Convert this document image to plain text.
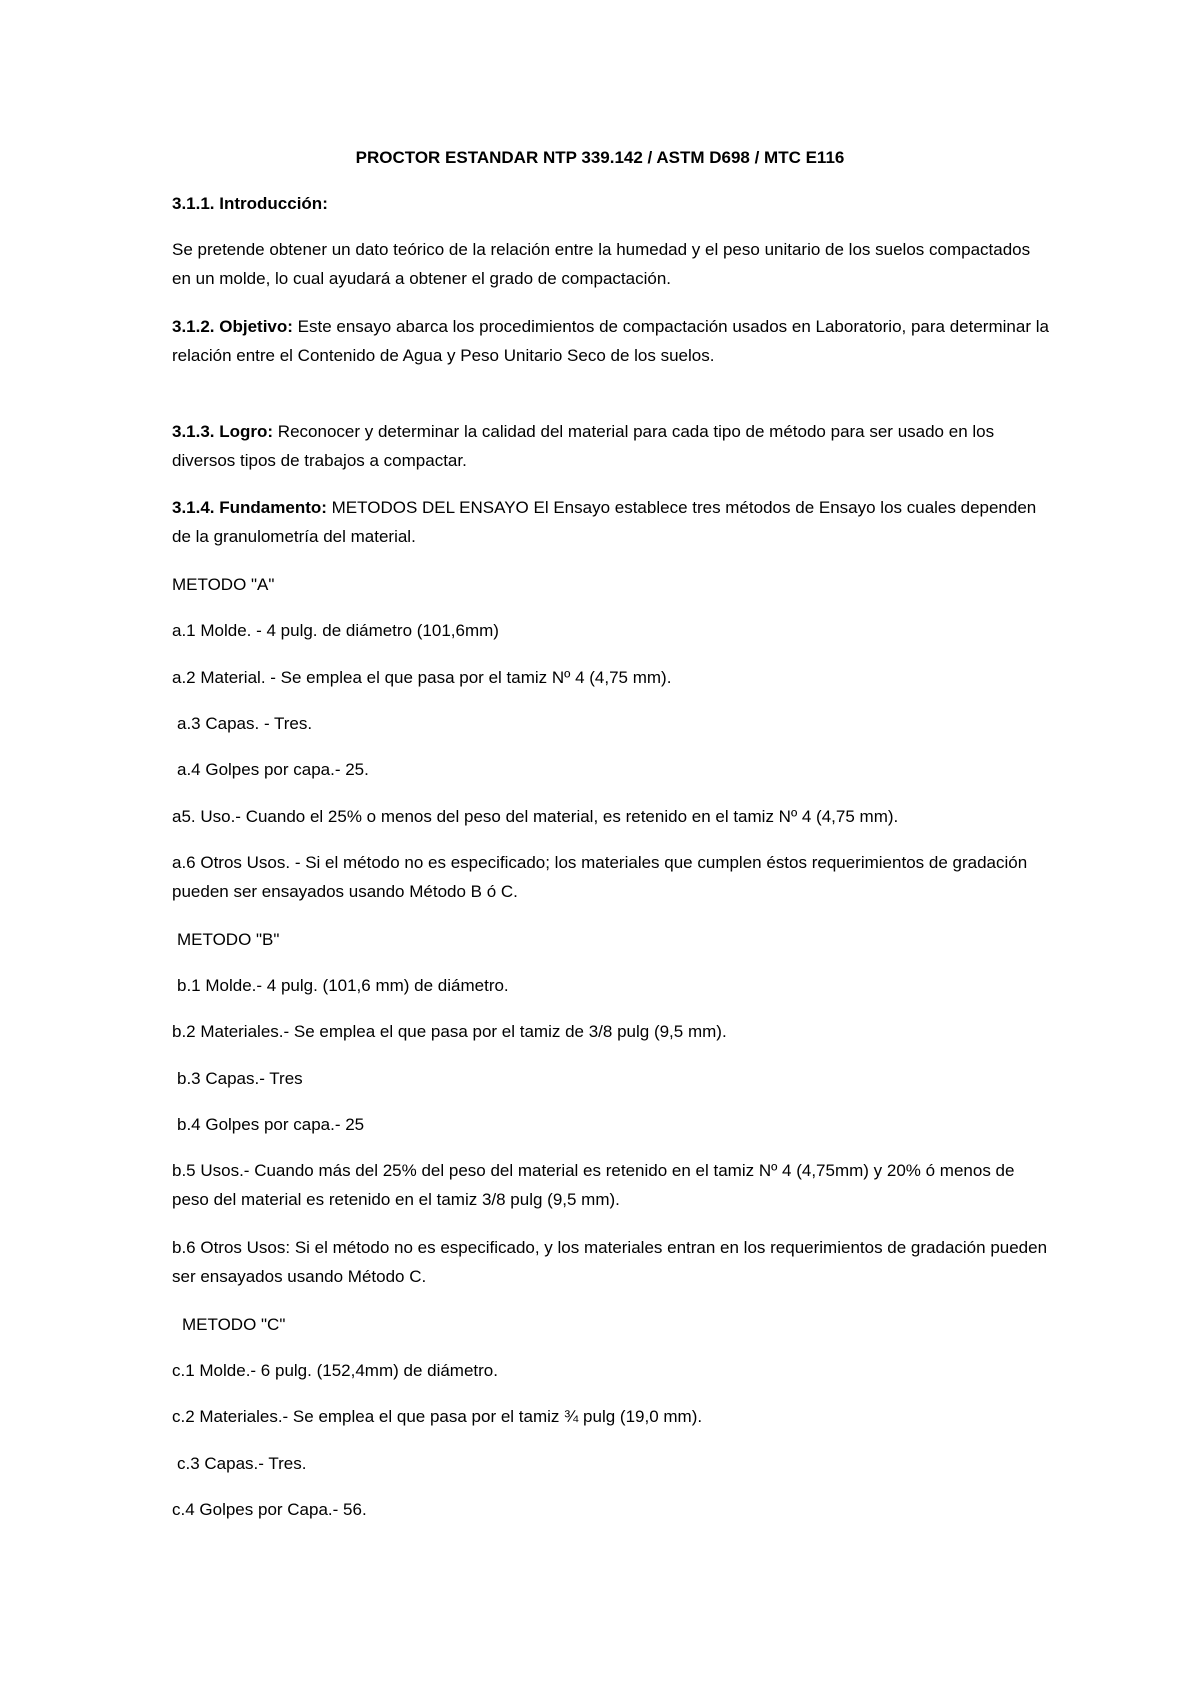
PROCTOR ESTANDAR NTP 339.142 / ASTM D698 / MTC E116
3.1.1. Introducción:
Se pretende obtener un dato teórico de la relación entre la humedad y el peso unitario de los suelos compactados en un molde, lo cual ayudará a obtener el grado de compactación.
3.1.2. Objetivo: Este ensayo abarca los procedimientos de compactación usados en Laboratorio, para determinar la relación entre el Contenido de Agua y Peso Unitario Seco de los suelos.
3.1.3. Logro: Reconocer y determinar la calidad del material para cada tipo de método para ser usado en los diversos tipos de trabajos a compactar.
3.1.4. Fundamento: METODOS DEL ENSAYO El Ensayo establece tres métodos de Ensayo los cuales dependen de la granulometría del material.
METODO "A"
a.1 Molde. - 4 pulg. de diámetro (101,6mm)
a.2 Material. - Se emplea el que pasa por el tamiz Nº 4 (4,75 mm).
a.3 Capas. - Tres.
a.4 Golpes por capa.- 25.
a5. Uso.- Cuando el 25% o menos del peso del material, es retenido en el tamiz Nº 4 (4,75 mm).
a.6 Otros Usos. - Si el método no es especificado; los materiales que cumplen éstos requerimientos de gradación pueden ser ensayados usando Método B ó C.
METODO "B"
b.1 Molde.- 4 pulg. (101,6 mm) de diámetro.
b.2 Materiales.- Se emplea el que pasa por el tamiz de 3/8 pulg (9,5 mm).
b.3 Capas.- Tres
b.4 Golpes por capa.- 25
b.5 Usos.- Cuando más del 25% del peso del material es retenido en el tamiz Nº 4 (4,75mm) y 20% ó menos de peso del material es retenido en el tamiz 3/8 pulg (9,5 mm).
b.6 Otros Usos: Si el método no es especificado, y los materiales entran en los requerimientos de gradación pueden ser ensayados usando Método C.
METODO "C"
c.1 Molde.- 6 pulg. (152,4mm) de diámetro.
c.2 Materiales.- Se emplea el que pasa por el tamiz ¾ pulg (19,0 mm).
c.3 Capas.- Tres.
c.4 Golpes por Capa.- 56.
